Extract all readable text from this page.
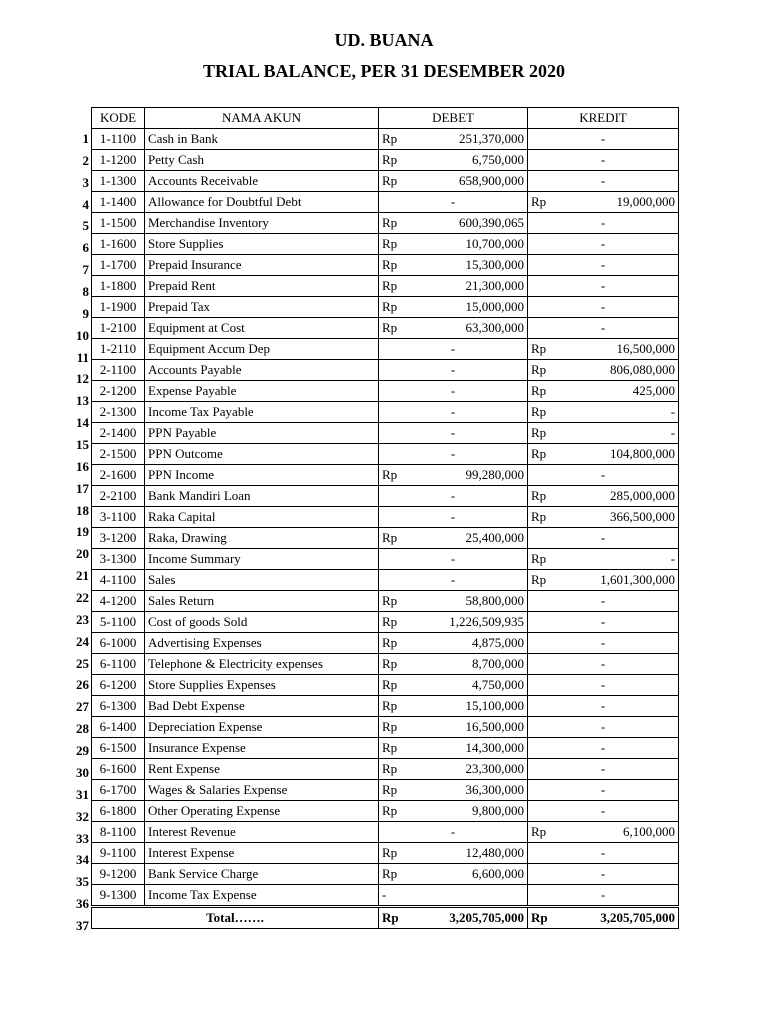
UD. BUANA
TRIAL BALANCE, PER 31 DESEMBER 2020
1
2
3
4
5
6
7
8
9
10
11
12
13
14
15
16
17
18
19
20
21
22
23
24
25
26
27
28
29
30
31
32
33
34
35
36
37
KODE	NAMA AKUN	DEBET		KREDIT	
1-1100	Cash in Bank	Rp	251,370,000	-	
1-1200	Petty Cash	Rp	6,750,000	-	
1-1300	Accounts Receivable	Rp	658,900,000	-	
1-1400	Allowance for Doubtful Debt	-		Rp	19,000,000
1-1500	Merchandise Inventory	Rp	600,390,065	-	
1-1600	Store Supplies	Rp	10,700,000	-	
1-1700	Prepaid Insurance	Rp	15,300,000	-	
1-1800	Prepaid Rent	Rp	21,300,000	-	
1-1900	Prepaid Tax	Rp	15,000,000	-	
1-2100	Equipment at Cost	Rp	63,300,000	-	
1-2110	Equipment Accum Dep	-		Rp	16,500,000
2-1100	Accounts Payable	-		Rp	806,080,000
2-1200	Expense Payable	-		Rp	425,000
2-1300	Income Tax Payable	-		Rp	-
2-1400	PPN Payable	-		Rp	-
2-1500	PPN Outcome	-		Rp	104,800,000
2-1600	PPN Income	Rp	99,280,000	-	
2-2100	Bank Mandiri Loan	-		Rp	285,000,000
3-1100	Raka Capital	-		Rp	366,500,000
3-1200	Raka, Drawing	Rp	25,400,000	-	
3-1300	Income Summary	-		Rp	-
4-1100	Sales	-		Rp	1,601,300,000
4-1200	Sales Return	Rp	58,800,000	-	
5-1100	Cost of goods Sold	Rp	1,226,509,935	-	
6-1000	Advertising Expenses	Rp	4,875,000	-	
6-1100	Telephone & Electricity expenses	Rp	8,700,000	-	
6-1200	Store Supplies Expenses	Rp	4,750,000	-	
6-1300	Bad Debt Expense	Rp	15,100,000	-	
6-1400	Depreciation Expense	Rp	16,500,000	-	
6-1500	Insurance Expense	Rp	14,300,000	-	
6-1600	Rent Expense	Rp	23,300,000	-	
6-1700	Wages & Salaries Expense	Rp	36,300,000	-	
6-1800	Other Operating Expense	Rp	9,800,000	-	
8-1100	Interest Revenue	-		Rp	6,100,000
9-1100	Interest Expense	Rp	12,480,000	-	
9-1200	Bank Service Charge	Rp	6,600,000	-	
9-1300	Income Tax Expense	-		-	
Total…….		Rp	3,205,705,000	Rp	3,205,705,000
